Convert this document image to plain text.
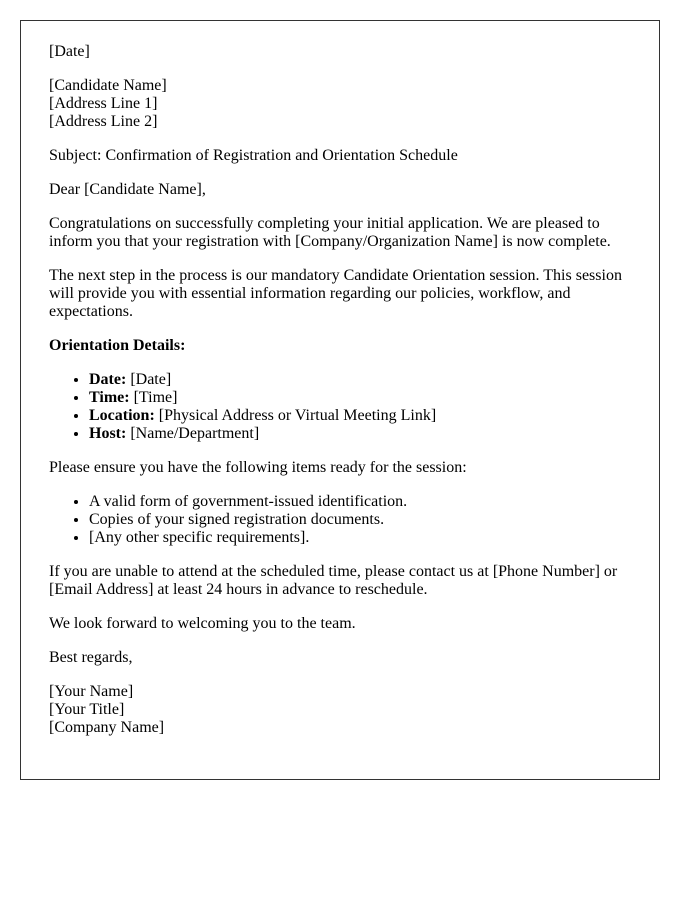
[Date]

[Candidate Name]

[Address Line 1]

[Address Line 2]

Subject: Confirmation of Registration and Orientation Schedule

Dear [Candidate Name],

Congratulations on successfully completing your initial application. We are pleased to inform you that your registration with [Company/Organization Name] is now complete.

The next step in the process is our mandatory Candidate Orientation session. This session will provide you with essential information regarding our policies, workflow, and expectations.

Orientation Details:

• Date: [Date]
• Time: [Time]
• Location: [Physical Address or Virtual Meeting Link]
• Host: [Name/Department]

Please ensure you have the following items ready for the session:

• A valid form of government-issued identification.
• Copies of your signed registration documents.
• [Any other specific requirements].

If you are unable to attend at the scheduled time, please contact us at [Phone Number] or [Email Address] at least 24 hours in advance to reschedule.

We look forward to welcoming you to the team.

Best regards,

[Your Name]

[Your Title]

[Company Name]
